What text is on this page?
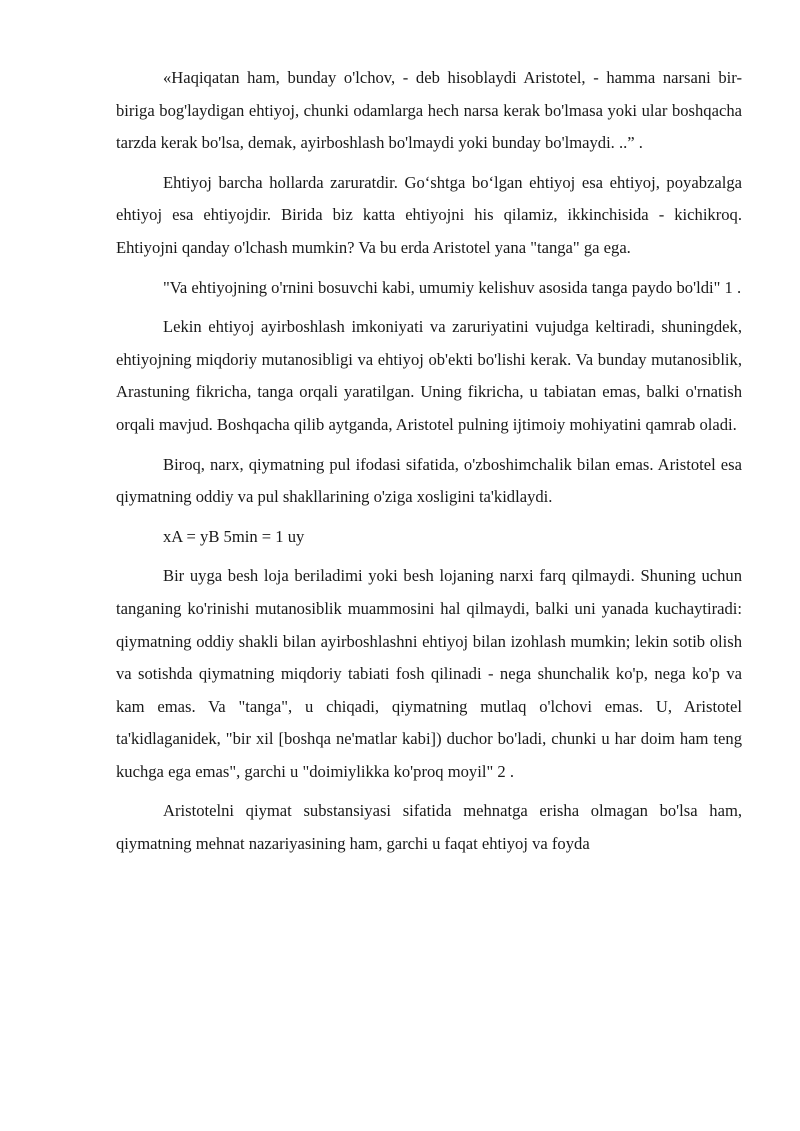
«Haqiqatan ham, bunday o'lchov, - deb hisoblaydi Aristotel, - hamma narsani bir-biriga bog'laydigan ehtiyoj, chunki odamlarga hech narsa kerak bo'lmasa yoki ular boshqacha tarzda kerak bo'lsa, demak, ayirboshlash bo'lmaydi yoki bunday bo'lmaydi. ..” .

Ehtiyoj barcha hollarda zaruratdir. Goʻshtga boʻlgan ehtiyoj esa ehtiyoj, poyabzalga ehtiyoj esa ehtiyojdir. Birida biz katta ehtiyojni his qilamiz, ikkinchisida - kichikroq. Ehtiyojni qanday o'lchash mumkin? Va bu erda Aristotel yana "tanga" ga ega.

"Va ehtiyojning o'rnini bosuvchi kabi, umumiy kelishuv asosida tanga paydo bo'ldi" 1 .

Lekin ehtiyoj ayirboshlash imkoniyati va zaruriyatini vujudga keltiradi, shuningdek, ehtiyojning miqdoriy mutanosibligi va ehtiyoj ob'ekti bo'lishi kerak. Va bunday mutanosiblik, Arastuning fikricha, tanga orqali yaratilgan. Uning fikricha, u tabiatan emas, balki o'rnatish orqali mavjud. Boshqacha qilib aytganda, Aristotel pulning ijtimoiy mohiyatini qamrab oladi.

Biroq, narx, qiymatning pul ifodasi sifatida, o'zboshimchalik bilan emas. Aristotel esa qiymatning oddiy va pul shakllarining o'ziga xosligini ta'kidlaydi.

xA = yB 5min = 1 uy

Bir uyga besh loja beriladimi yoki besh lojaning narxi farq qilmaydi. Shuning uchun tanganing ko'rinishi mutanosiblik muammosini hal qilmaydi, balki uni yanada kuchaytiradi: qiymatning oddiy shakli bilan ayirboshlashni ehtiyoj bilan izohlash mumkin; lekin sotib olish va sotishda qiymatning miqdoriy tabiati fosh qilinadi - nega shunchalik ko'p, nega ko'p va kam emas. Va "tanga", u chiqadi, qiymatning mutlaq o'lchovi emas. U, Aristotel ta'kidlaganidek, "bir xil [boshqa ne'matlar kabi]) duchor bo'ladi, chunki u har doim ham teng kuchga ega emas", garchi u "doimiylikka ko'proq moyil" 2 .

Aristotelni qiymat substansiyasi sifatida mehnatga erisha olmagan bo'lsa ham, qiymatning mehnat nazariyasining ham, garchi u faqat ehtiyoj va foyda
